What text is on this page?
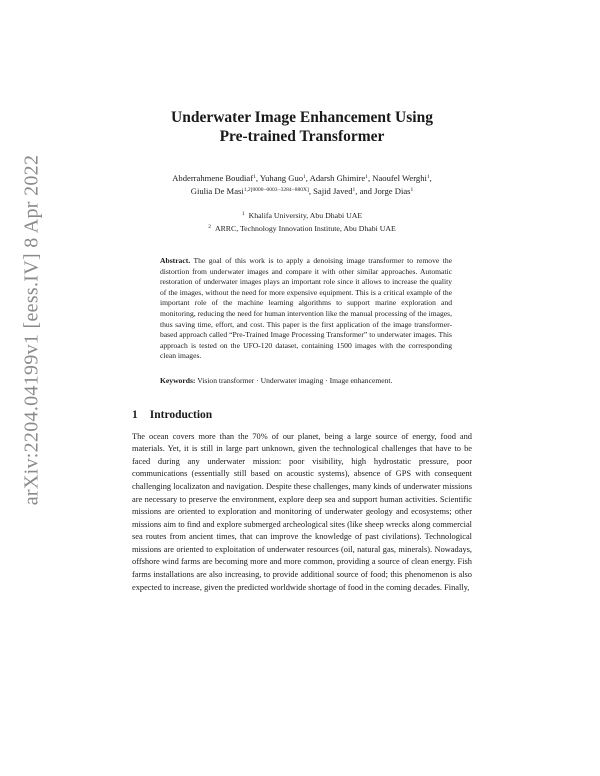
arXiv:2204.04199v1 [eess.IV] 8 Apr 2022
Underwater Image Enhancement Using
Pre-trained Transformer
Abderrahmene Boudiaf$^1$, Yuhang Guo$^1$, Adarsh Ghimire$^1$, Naoufel Werghi$^1$,
Giulia De Masi$^{1,2[0000-0003-3284-880X]}$, Sajid Javed$^1$, and Jorge Dias$^1$
$^1$ Khalifa University, Abu Dhabi UAE
$^2$ ARRC, Technology Innovation Institute, Abu Dhabi UAE
Abstract. The goal of this work is to apply a denoising image transformer to remove the distortion from underwater images and compare it with other similar approaches. Automatic restoration of underwater images plays an important role since it allows to increase the quality of the images, without the need for more expensive equipment. This is a critical example of the important role of the machine learning algorithms to support marine exploration and monitoring, reducing the need for human intervention like the manual processing of the images, thus saving time, effort, and cost. This paper is the first application of the image transformer-based approach called “Pre-Trained Image Processing Transformer” to underwater images. This approach is tested on the UFO-120 dataset, containing 1500 images with the corresponding clean images.
Keywords: Vision transformer · Underwater imaging · Image enhancement.
1 Introduction
The ocean covers more than the 70% of our planet, being a large source of energy, food and materials. Yet, it is still in large part unknown, given the technological challenges that have to be faced during any underwater mission: poor visibility, high hydrostatic pressure, poor communications (essentially still based on acoustic systems), absence of GPS with consequent challenging localizaton and navigation. Despite these challenges, many kinds of underwater missions are necessary to preserve the environment, explore deep sea and support human activities. Scientific missions are oriented to exploration and monitoring of underwater geology and ecosystems; other missions aim to find and explore submerged archeological sites (like sheep wrecks along commercial sea routes from ancient times, that can improve the knowledge of past civilations). Technological missions are oriented to exploitation of underwater resources (oil, natural gas, minerals). Nowadays, offshore wind farms are becoming more and more common, providing a source of clean energy. Fish farms installations are also increasing, to provide additional source of food; this phenomenon is also expected to increase, given the predicted worldwide shortage of food in the coming decades. Finally,
